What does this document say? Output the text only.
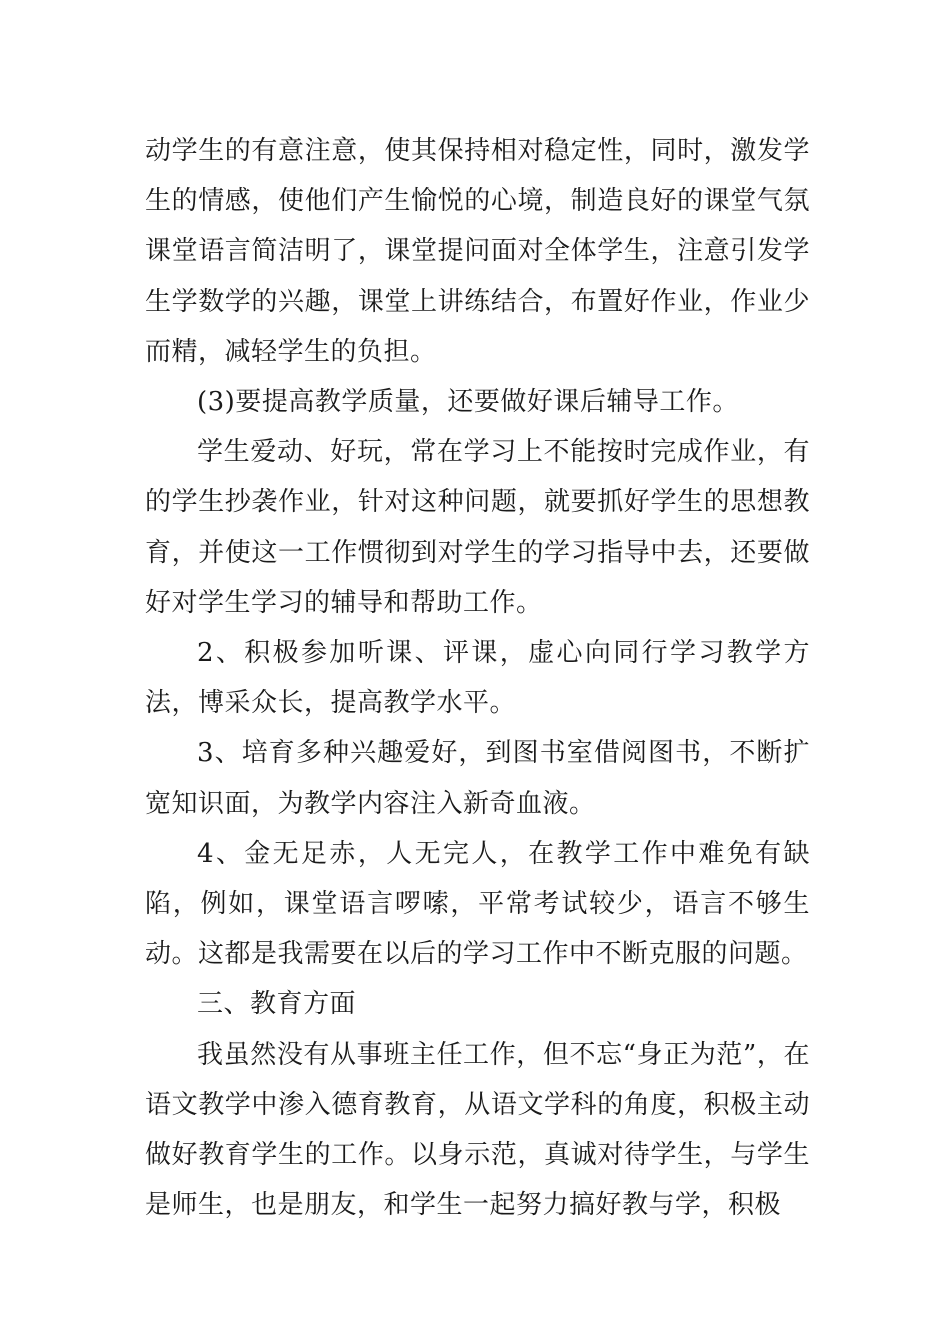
动学生的有意注意，使其保持相对稳定性，同时，激发学生的情感，使他们产生愉悦的心境，制造良好的课堂气氛课堂语言简洁明了，课堂提问面对全体学生，注意引发学生学数学的兴趣，课堂上讲练结合，布置好作业，作业少而精，减轻学生的负担。

(3)要提高教学质量，还要做好课后辅导工作。

学生爱动、好玩，常在学习上不能按时完成作业，有的学生抄袭作业，针对这种问题，就要抓好学生的思想教育，并使这一工作惯彻到对学生的学习指导中去，还要做好对学生学习的辅导和帮助工作。

2、积极参加听课、评课，虚心向同行学习教学方法，博采众长，提高教学水平。

3、培育多种兴趣爱好，到图书室借阅图书，不断扩宽知识面，为教学内容注入新奇血液。

4、金无足赤，人无完人，在教学工作中难免有缺陷，例如，课堂语言啰嗦，平常考试较少，语言不够生动。这都是我需要在以后的学习工作中不断克服的问题。

三、教育方面

我虽然没有从事班主任工作，但不忘“身正为范”，在语文教学中渗入德育教育，从语文学科的角度，积极主动做好教育学生的工作。以身示范，真诚对待学生，与学生是师生，也是朋友，和学生一起努力搞好教与学，积极
